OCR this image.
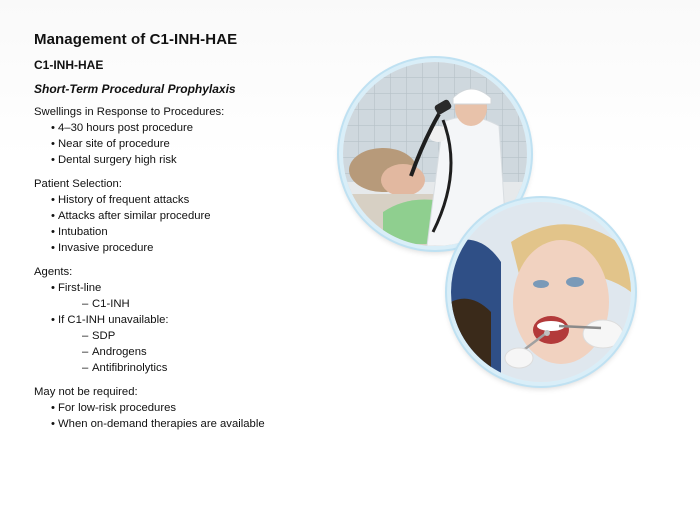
Management of C1-INH-HAE
C1-INH-HAE
Short-Term Procedural Prophylaxis
Swellings in Response to Procedures:
• 4–30 hours post procedure
• Near site of procedure
• Dental surgery high risk
Patient Selection:
• History of frequent attacks
• Attacks after similar procedure
• Intubation
• Invasive procedure
Agents:
• First-line
– C1-INH
• If C1-INH unavailable:
– SDP
– Androgens
– Antifibrinolytics
May not be required:
• For low-risk procedures
• When on-demand therapies are available
